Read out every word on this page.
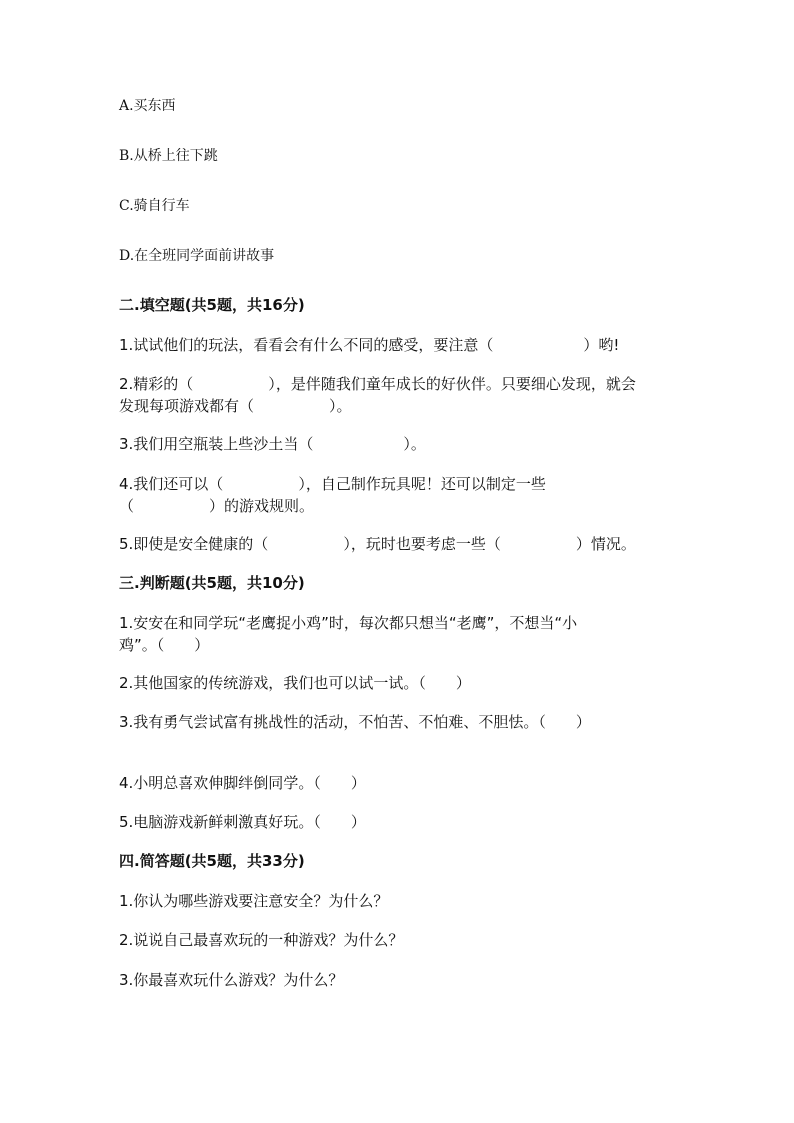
A.买东西
B.从桥上往下跳
C.骑自行车
D.在全班同学面前讲故事
二.填空题(共5题，共16分)
1.试试他们的玩法，看看会有什么不同的感受，要注意（　　　　　　）哟!
2.精彩的（　　　　　），是伴随我们童年成长的好伙伴。只要细心发现，就会
发现每项游戏都有（　　　　　）。
3.我们用空瓶装上些沙土当（　　　　　　）。
4.我们还可以（　　　　　），自己制作玩具呢！还可以制定一些
（　　　　　）的游戏规则。
5.即使是安全健康的（　　　　　），玩时也要考虑一些（　　　　　）情况。
三.判断题(共5题，共10分)
1.安安在和同学玩“老鹰捉小鸡”时，每次都只想当“老鹰”，不想当“小
鸡”。（　　）
2.其他国家的传统游戏，我们也可以试一试。（　　）
3.我有勇气尝试富有挑战性的活动，不怕苦、不怕难、不胆怯。（　　）
4.小明总喜欢伸脚绊倒同学。（　　）
5.电脑游戏新鲜刺激真好玩。（　　）
四.简答题(共5题，共33分)
1.你认为哪些游戏要注意安全？为什么？
2.说说自己最喜欢玩的一种游戏？为什么？
3.你最喜欢玩什么游戏？为什么？
